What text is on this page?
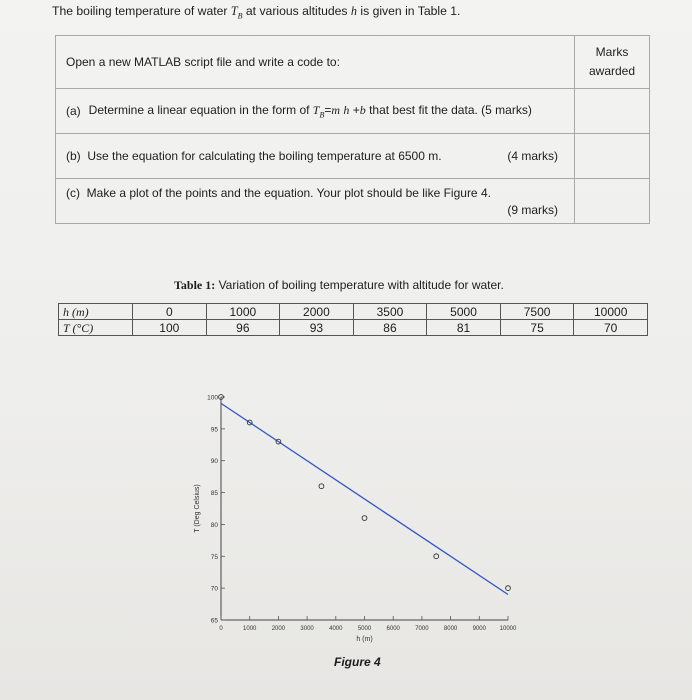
The boiling temperature of water $T_B$ at various altitudes h is given in Table 1.
Open a new MATLAB script file and write a code to:	Marks
awarded

(a) Determine a linear equation in the form of $T_B=m$ h +b that best fit the data. (5 marks)	

(b) Use the equation for calculating the boiling temperature at 6500 m. (4 marks)	

(c) Make a plot of the points and the equation. Your plot should be like Figure 4.
(9 marks)	

Table 1: Variation of boiling temperature with altitude for water.
h (m)	0	1000	2000	3500	5000	7500	10000
T (°C)	100	96	93	86	81	75	70
100
95
90
85
80
75
70
65
0	1000	2000	3000	4000	5000	6000	7000	8000	9000 10000
h (m)
T (Deg Celsius)
Figure 4
